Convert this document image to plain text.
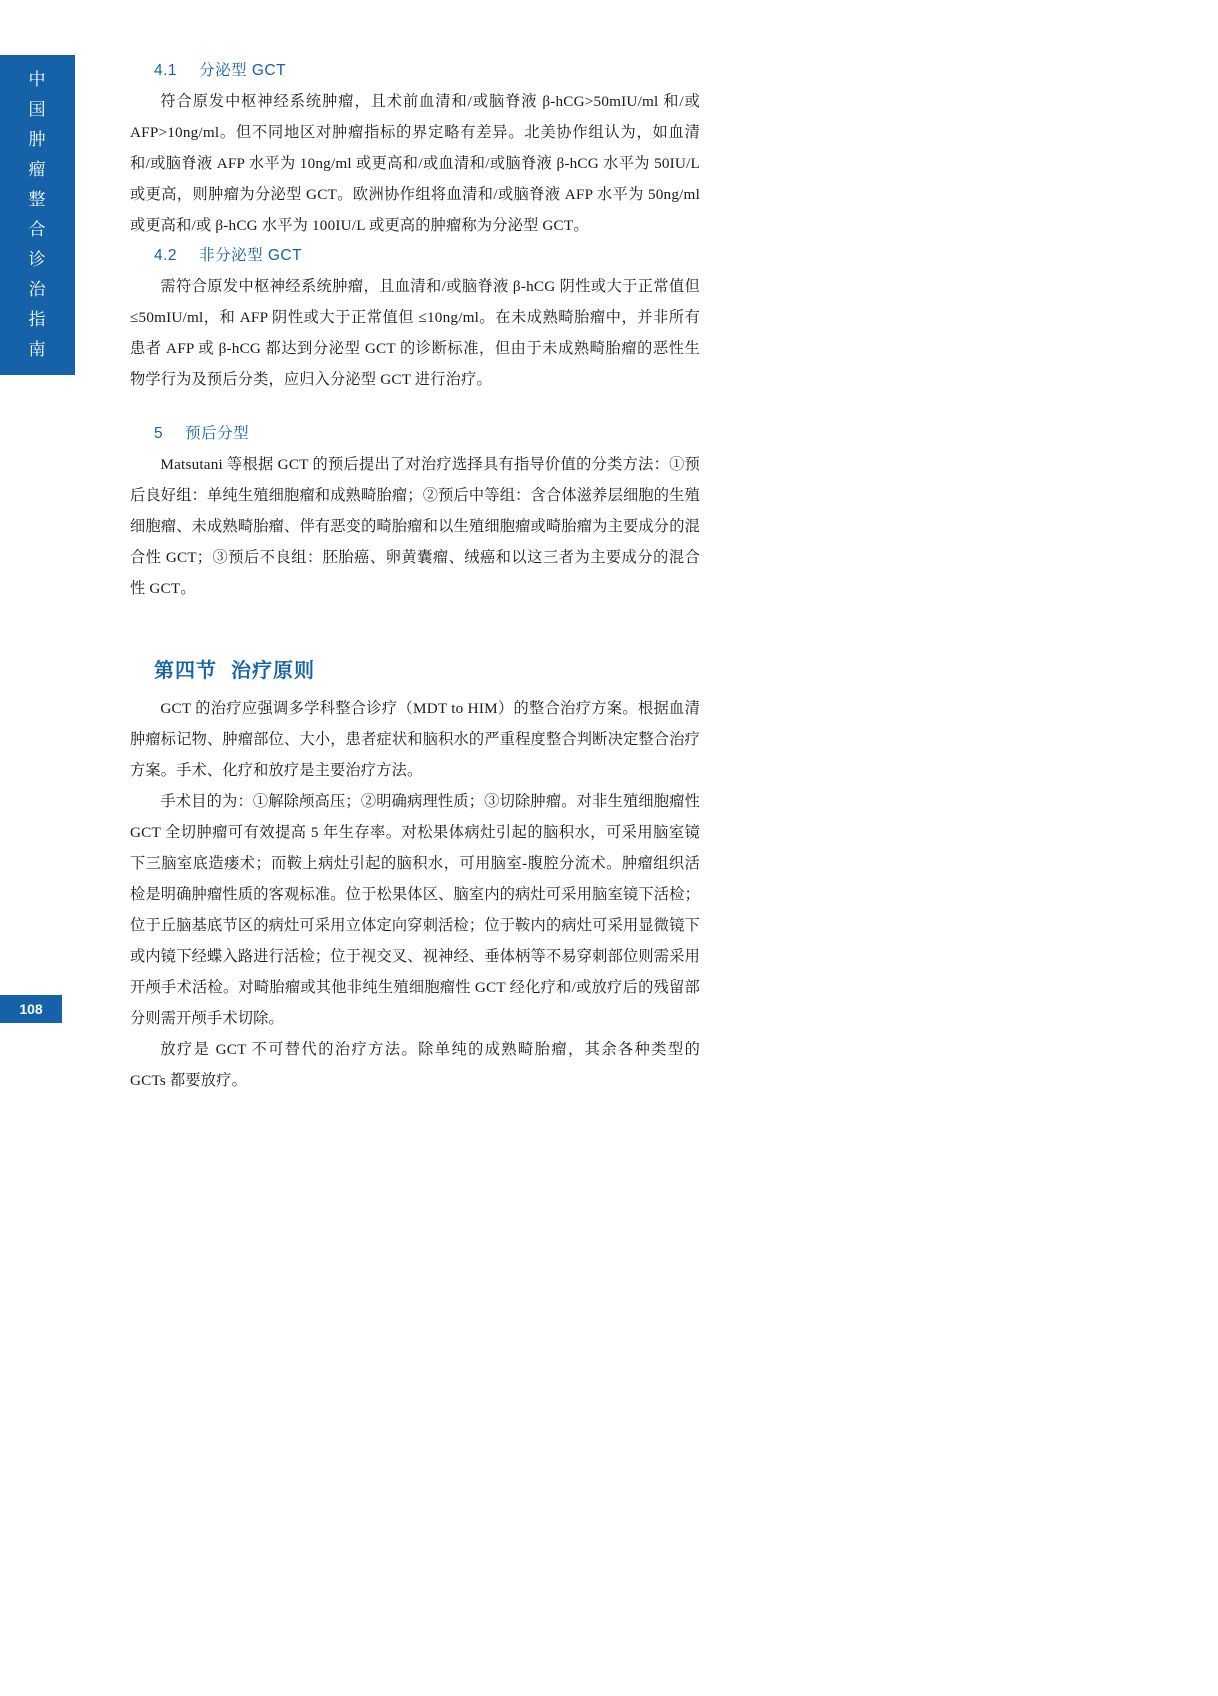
中国肿瘤整合诊治指南
108
4.1 分泌型 GCT

符合原发中枢神经系统肿瘤，且术前血清和/或脑脊液 β-hCG>50mIU/ml 和/或 AFP>10ng/ml。但不同地区对肿瘤指标的界定略有差异。北美协作组认为，如血清和/或脑脊液 AFP 水平为 10ng/ml 或更高和/或血清和/或脑脊液 β-hCG 水平为 50IU/L 或更高，则肿瘤为分泌型 GCT。欧洲协作组将血清和/或脑脊液 AFP 水平为 50ng/ml 或更高和/或 β-hCG 水平为 100IU/L 或更高的肿瘤称为分泌型 GCT。

4.2 非分泌型 GCT

需符合原发中枢神经系统肿瘤，且血清和/或脑脊液 β-hCG 阴性或大于正常值但 ≤50mIU/ml，和 AFP 阴性或大于正常值但 ≤10ng/ml。在未成熟畸胎瘤中，并非所有患者 AFP 或 β-hCG 都达到分泌型 GCT 的诊断标准，但由于未成熟畸胎瘤的恶性生物学行为及预后分类，应归入分泌型 GCT 进行治疗。

5 预后分型

Matsutani 等根据 GCT 的预后提出了对治疗选择具有指导价值的分类方法：①预后良好组：单纯生殖细胞瘤和成熟畸胎瘤；②预后中等组：含合体滋养层细胞的生殖细胞瘤、未成熟畸胎瘤、伴有恶变的畸胎瘤和以生殖细胞瘤或畸胎瘤为主要成分的混合性 GCT；③预后不良组：胚胎癌、卵黄囊瘤、绒癌和以这三者为主要成分的混合性 GCT。

第四节 治疗原则

GCT 的治疗应强调多学科整合诊疗（MDT to HIM）的整合治疗方案。根据血清肿瘤标记物、肿瘤部位、大小，患者症状和脑积水的严重程度整合判断决定整合治疗方案。手术、化疗和放疗是主要治疗方法。

手术目的为：①解除颅高压；②明确病理性质；③切除肿瘤。对非生殖细胞瘤性 GCT 全切肿瘤可有效提高 5 年生存率。对松果体病灶引起的脑积水，可采用脑室镜下三脑室底造瘘术；而鞍上病灶引起的脑积水，可用脑室-腹腔分流术。肿瘤组织活检是明确肿瘤性质的客观标准。位于松果体区、脑室内的病灶可采用脑室镜下活检；位于丘脑基底节区的病灶可采用立体定向穿刺活检；位于鞍内的病灶可采用显微镜下或内镜下经蝶入路进行活检；位于视交叉、视神经、垂体柄等不易穿刺部位则需采用开颅手术活检。对畸胎瘤或其他非纯生殖细胞瘤性 GCT 经化疗和/或放疗后的残留部分则需开颅手术切除。

放疗是 GCT 不可替代的治疗方法。除单纯的成熟畸胎瘤，其余各种类型的 GCTs 都要放疗。
